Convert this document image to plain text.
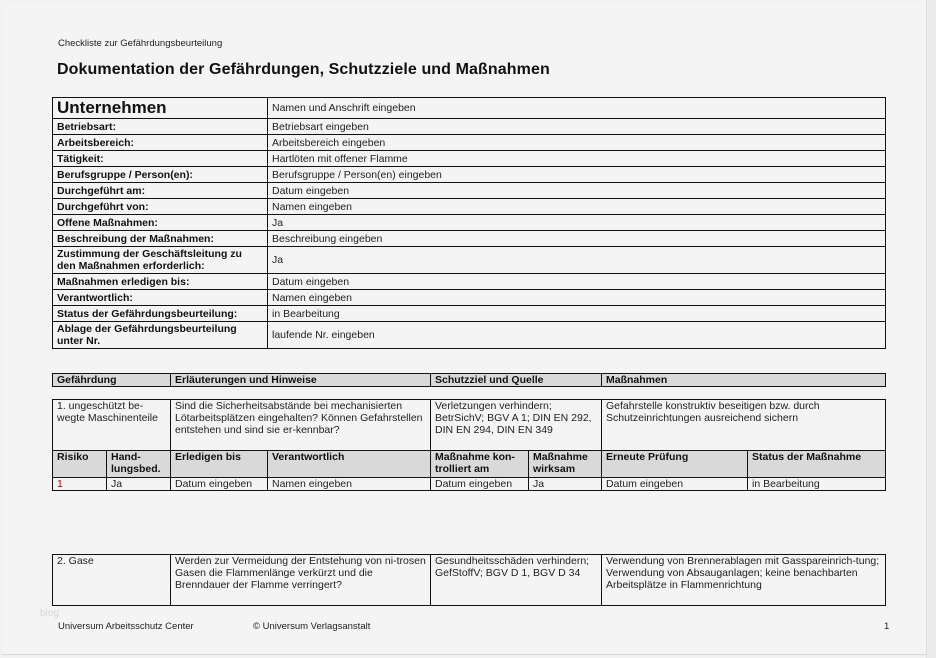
Checkliste zur Gefährdungsbeurteilung
Dokumentation der Gefährdungen, Schutzziele und Maßnahmen
Unternehmen	Namen und Anschrift eingeben
Betriebsart:	Betriebsart eingeben
Arbeitsbereich:	Arbeitsbereich eingeben
Tätigkeit:	Hartlöten mit offener Flamme
Berufsgruppe / Person(en):	Berufsgruppe / Person(en) eingeben
Durchgeführt am:	Datum eingeben
Durchgeführt von:	Namen eingeben
Offene Maßnahmen:	Ja
Beschreibung der Maßnahmen:	Beschreibung eingeben
Zustimmung der Geschäftsleitung zu den Maßnahmen erforderlich:	Ja
Maßnahmen erledigen bis:	Datum eingeben
Verantwortlich:	Namen eingeben
Status der Gefährdungsbeurteilung:	in Bearbeitung
Ablage der Gefährdungsbeurteilung unter Nr.	laufende Nr. eingeben
Gefährdung	Erläuterungen und Hinweise	Schutzziel und Quelle	Maßnahmen
1. ungeschützt be-wegte Maschinenteile		Sind die Sicherheitsabstände bei mechanisierten Lötarbeitsplätzen eingehalten? Können Gefahrstellen entstehen und sind sie er-kennbar?		Verletzungen verhindern; BetrSichV; BGV A 1; DIN EN 292, DIN EN 294, DIN EN 349		Gefahrstelle konstruktiv beseitigen bzw. durch Schutzeinrichtungen ausreichend sichern	
Risiko	Hand-lungsbed.	Erledigen bis	Verantwortlich	Maßnahme kon-trolliert am	Maßnahme wirksam	Erneute Prüfung	Status der Maßnahme
1	Ja	Datum eingeben	Namen eingeben	Datum eingeben	Ja	Datum eingeben	in Bearbeitung
2. Gase	Werden zur Vermeidung der Entstehung von ni-trosen Gasen die Flammenlänge verkürzt und die Brenndauer der Flamme verringert?	Gesundheitsschäden verhindern; GefStoffV; BGV D 1, BGV D 34	Verwendung von Brennerablagen mit Gasspareinrich-tung; Verwendung von Absauganlagen; keine benachbarten Arbeitsplätze in Flammenrichtung
blog
Universum Arbeitsschutz Center	© Universum Verlagsanstalt	1
